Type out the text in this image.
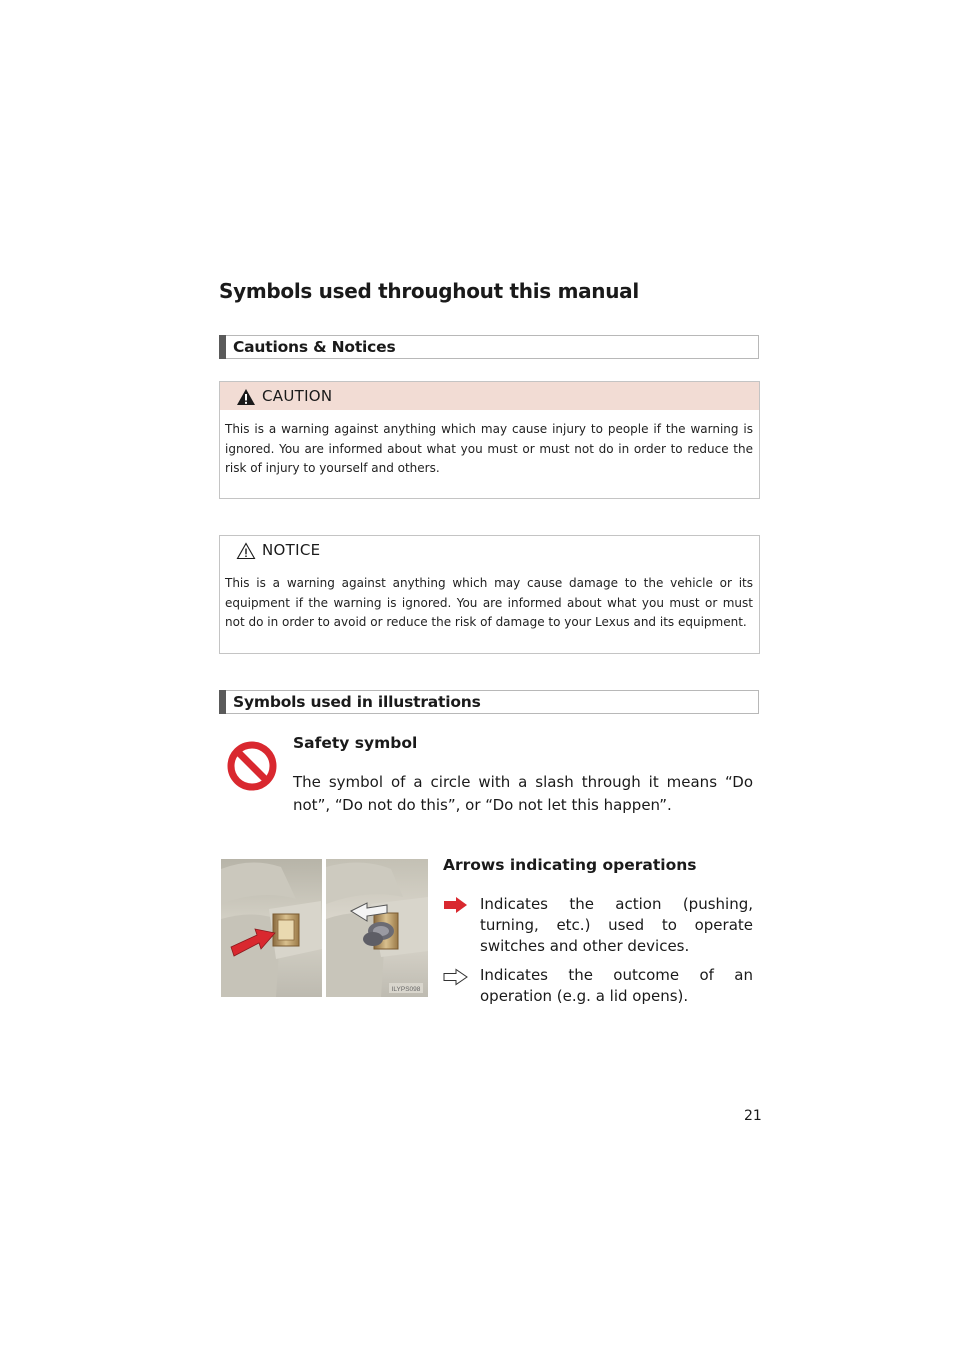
Symbols used throughout this manual
Cautions & Notices
CAUTION
This is a warning against anything which may cause injury to people if the warning is ignored. You are informed about what you must or must not do in order to reduce the risk of injury to yourself and others.
NOTICE
This is a warning against anything which may cause damage to the vehicle or its equipment if the warning is ignored. You are informed about what you must or must not do in order to avoid or reduce the risk of damage to your Lexus and its equipment.
Symbols used in illustrations
Safety symbol

The symbol of a circle with a slash through it means “Do not”, “Do not do this”, or “Do not let this happen”.

ILYPS098
Arrows indicating operations

Indicates the action (pushing, turning, etc.) used to operate switches and other devices.

Indicates the outcome of an operation (e.g. a lid opens).

21
